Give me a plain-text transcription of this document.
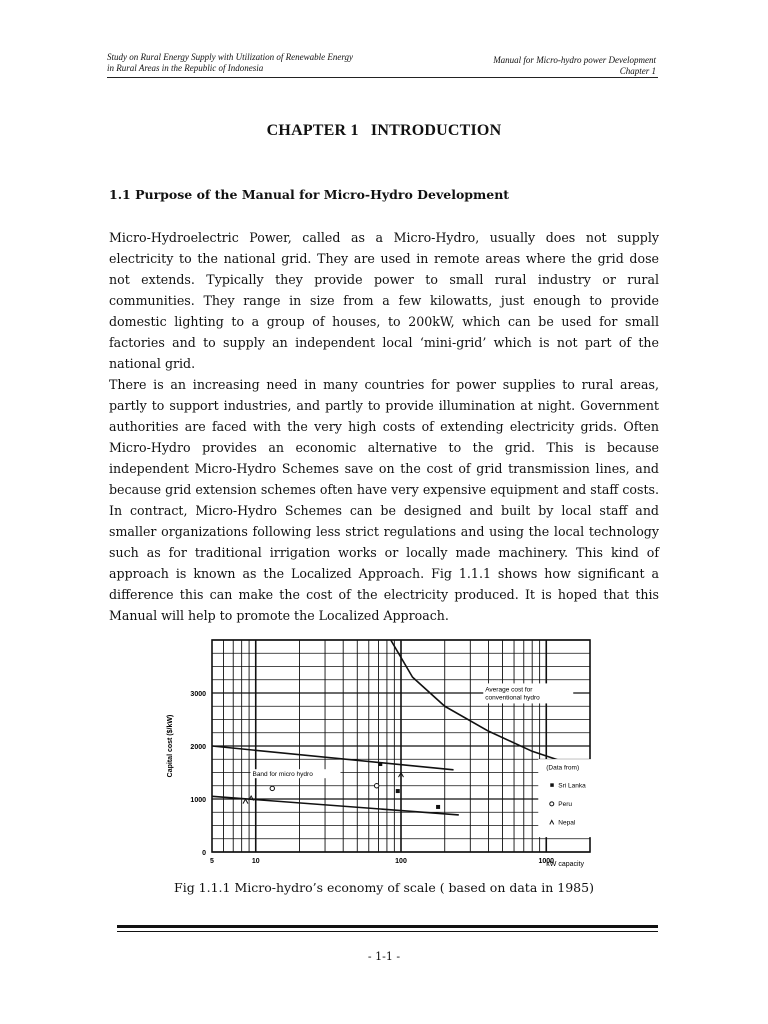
Study on Rural Energy Supply with Utilization of Renewable Energy
in Rural Areas in the Republic of Indonesia
Manual for Micro-hydro power Development
Chapter 1
CHAPTER 1 INTRODUCTION
1.1 Purpose of the Manual for Micro-Hydro Development

Micro-Hydroelectric Power, called as a Micro-Hydro, usually does not supply electricity to the national grid. They are used in remote areas where the grid dose not extends. Typically they provide power to small rural industry or rural communities. They range in size from a few kilowatts, just enough to provide domestic lighting to a group of houses, to 200kW, which can be used for small factories and to supply an independent local ‘mini-grid’ which is not part of the national grid.

There is an increasing need in many countries for power supplies to rural areas, partly to support industries, and partly to provide illumination at night. Government authorities are faced with the very high costs of extending electricity grids. Often Micro-Hydro provides an economic alternative to the grid. This is because independent Micro-Hydro Schemes save on the cost of grid transmission lines, and because grid extension schemes often have very expensive equipment and staff costs. In contract, Micro-Hydro Schemes can be designed and built by local staff and smaller organizations following less strict regulations and using the local technology such as for traditional irrigation works or locally made machinery. This kind of approach is known as the Localized Approach. Fig 1.1.1 shows how significant a difference this can make the cost of the electricity produced. It is hoped that this Manual will help to promote the Localized Approach.

0
1000
2000
3000
5	10	100	1000
kW capacity
Capital cost ($/kW)
Average cost for
conventional hydro
Band for micro hydro
(Data from)
Sri Lanka
Peru
Nepal
Fig 1.1.1 Micro-hydro’s economy of scale ( based on data in 1985)
- 1-1 -
